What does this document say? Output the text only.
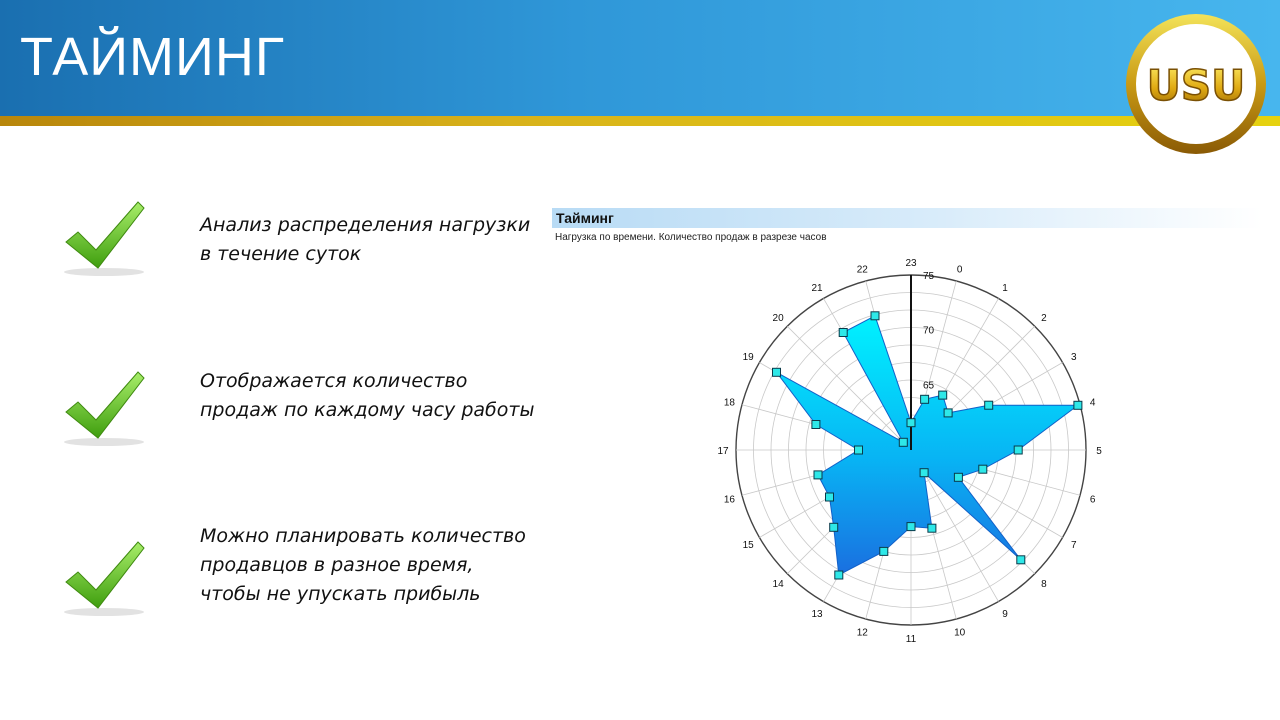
ТАЙМИНГ	USU
Анализ распределения нагрузки в течение суток
Отображается количество продаж по каждому часу работы
Можно планировать количество продавцов в разное время, чтобы не упускать прибыль
Тайминг
Нагрузка по времени. Количество продаж в разрезе часов
65
70
75
23
0
1
2
3
4
5
6
7
8
9
10
11
12
13
14
15
16
17
18
19
20
21
22
